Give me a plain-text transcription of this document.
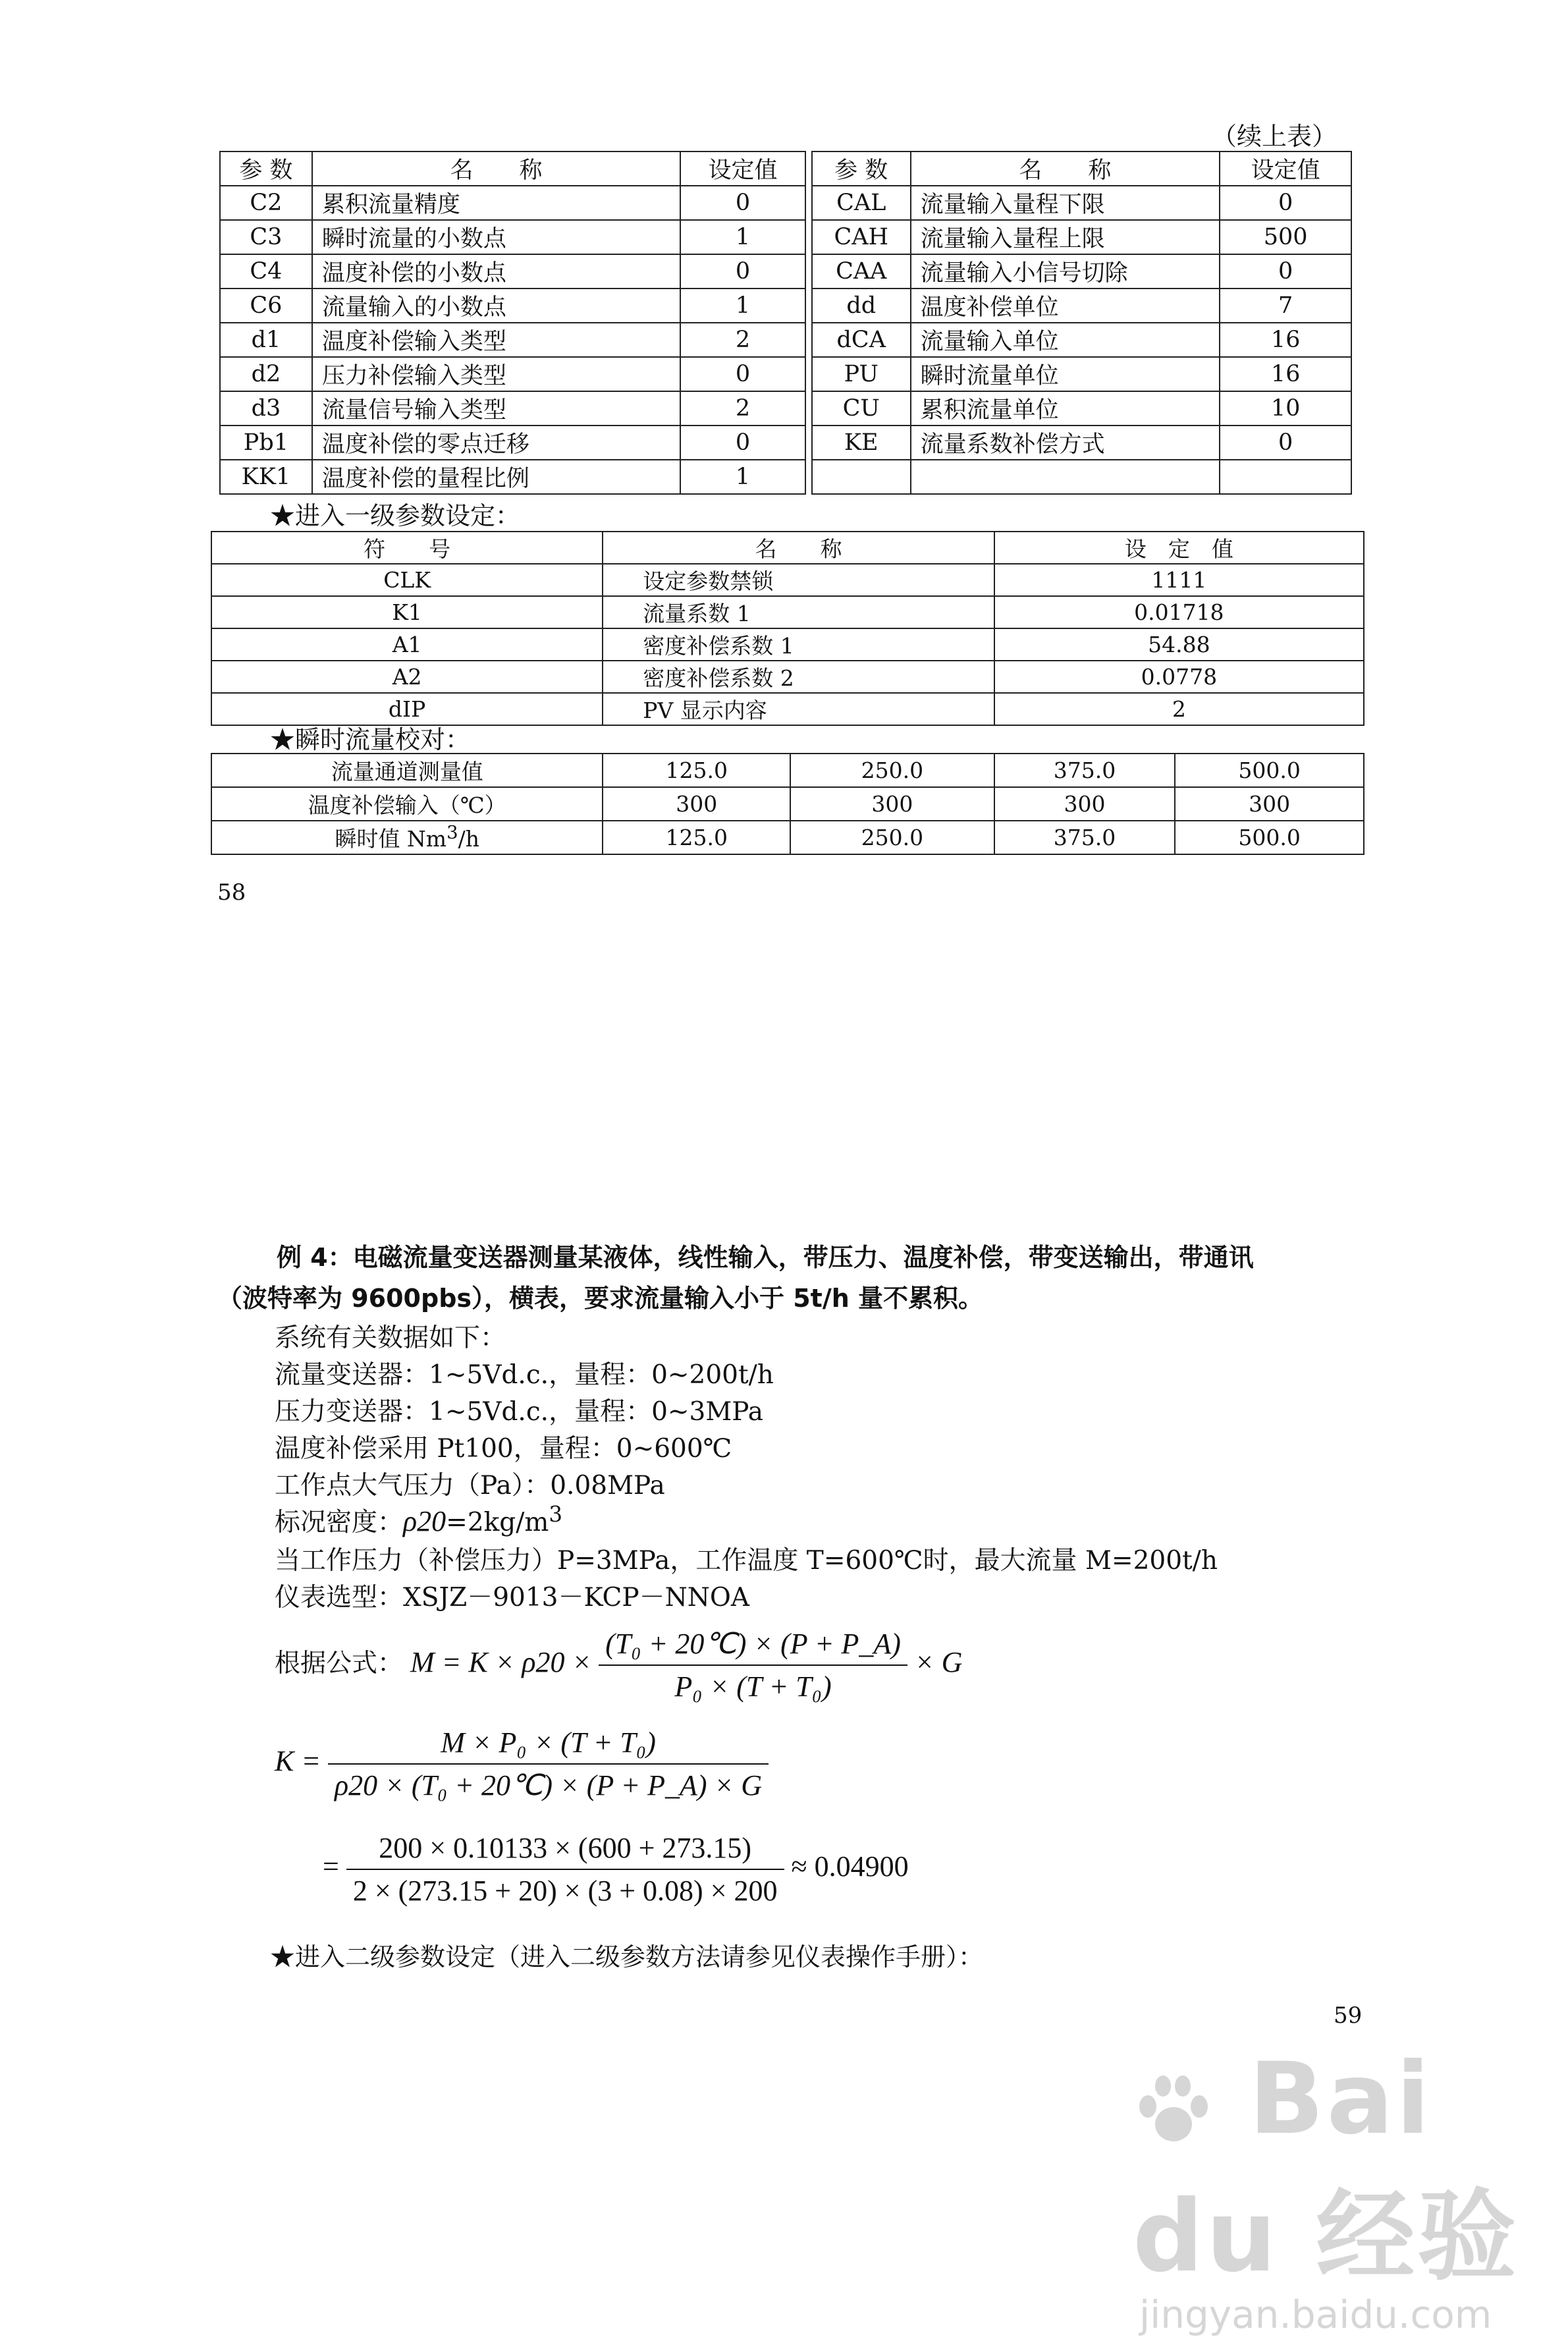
（续上表）
参 数	名　　称	设定值		参 数	名　　称	设定值
C2	累积流量精度	0		CAL	流量输入量程下限	0
C3	瞬时流量的小数点	1		CAH	流量输入量程上限	500
C4	温度补偿的小数点	0		CAA	流量输入小信号切除	0
C6	流量输入的小数点	1		dd	温度补偿单位	7
d1	温度补偿输入类型	2		dCA	流量输入单位	16
d2	压力补偿输入类型	0		PU	瞬时流量单位	16
d3	流量信号输入类型	2		CU	累积流量单位	10
Pb1	温度补偿的零点迁移	0		KE	流量系数补偿方式	0
KK1	温度补偿的量程比例	1				
★进入一级参数设定：
符　　号	名　　称	设　定　值
CLK	设定参数禁锁	1111
K1	流量系数 1	0.01718
A1	密度补偿系数 1	54.88
A2	密度补偿系数 2	0.0778
dIP	PV 显示内容	2
★瞬时流量校对：
流量通道测量值	125.0	250.0	375.0	500.0
温度补偿输入（℃）	300	300	300	300
瞬时值 Nm$^3$/h	125.0	250.0	375.0	500.0
58
例 4：电磁流量变送器测量某液体，线性输入，带压力、温度补偿，带变送输出，带通讯
（波特率为 9600pbs），横表，要求流量输入小于 5t/h 量不累积。
系统有关数据如下：
流量变送器：1~5Vd.c.，量程：0~200t/h
压力变送器：1~5Vd.c.，量程：0~3MPa
温度补偿采用 Pt100，量程：0~600℃
工作点大气压力（Pa）：0.08MPa
标况密度：$\rho 20=2kg/m^3$
当工作压力（补偿压力）P=3MPa，工作温度 T=600℃时，最大流量 M=200t/h
仪表选型：XSJZ－9013－KCP－NNOA
根据公式： $M = K \times \rho 20 \times \frac{\text{(T₀ + 20℃) × (P + P\_A)}}{\text{P₀ × (T + T₀)}} \times G$
$K = \frac{\text{M × P₀ × (T + T₀)}}{\text{ρ20 × (T₀ + 20℃) × (P + P\_A) × G}}$
= $\frac{200 \times 0.10133 \times (600 + 273.15)}{2 \times (273.15 + 20) \times (3 + 0.08) \times 200} \approx 0.04900$
★进入二级参数设定（进入二级参数方法请参见仪表操作手册）：
59
Bai du 经验
jingyan.baidu.com
